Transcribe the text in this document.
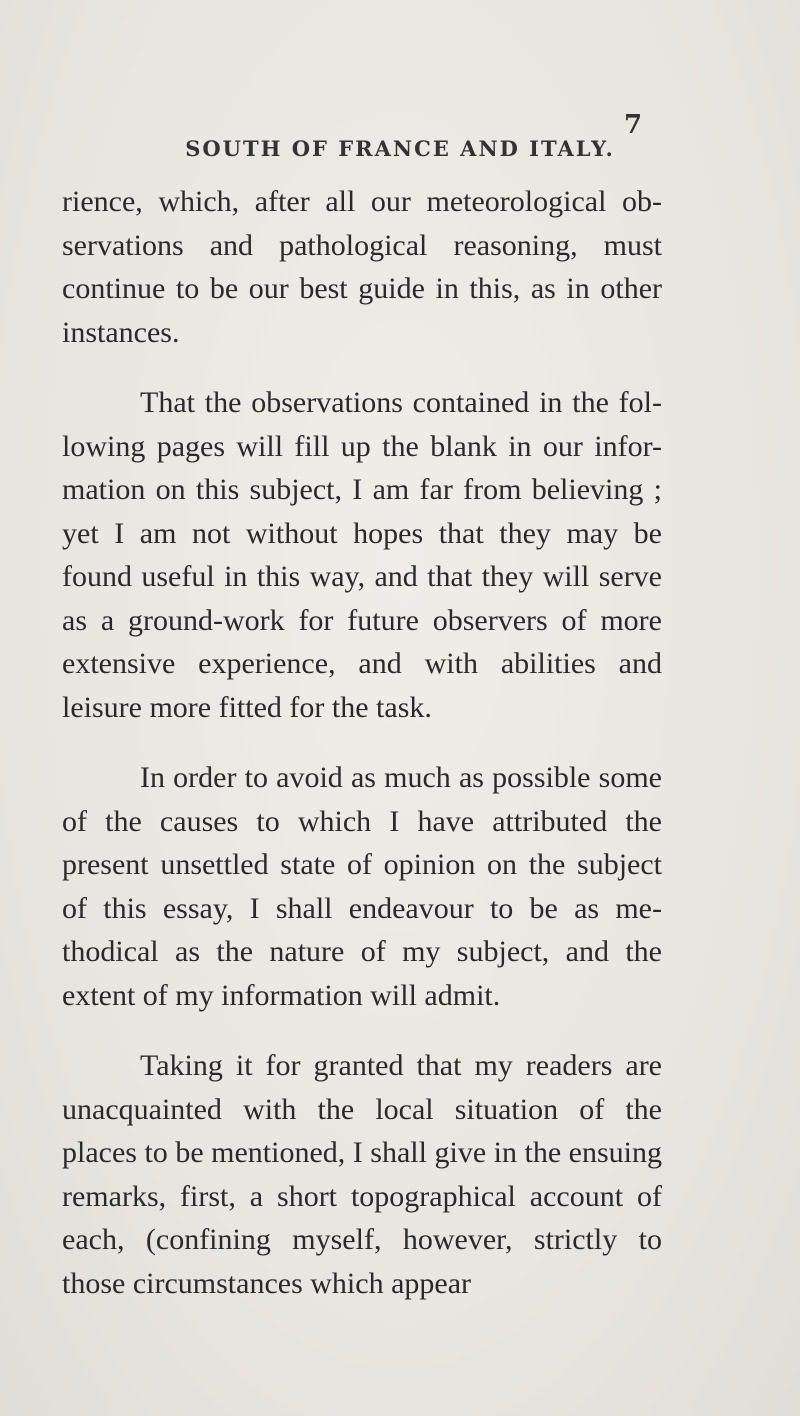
SOUTH OF FRANCE AND ITALY.
7

rience, which, after all our meteorological ob- servations and pathological reasoning, must continue to be our best guide in this, as in other instances.

That the observations contained in the fol- lowing pages will fill up the blank in our infor- mation on this subject, I am far from believing ; yet I am not without hopes that they may be found useful in this way, and that they will serve as a ground-work for future observers of more extensive experience, and with abilities and leisure more fitted for the task.

In order to avoid as much as possible some of the causes to which I have attributed the present unsettled state of opinion on the subject of this essay, I shall endeavour to be as me- thodical as the nature of my subject, and the extent of my information will admit.

Taking it for granted that my readers are unacquainted with the local situation of the places to be mentioned, I shall give in the ensuing remarks, first, a short topographical account of each, (confining myself, however, strictly to those circumstances which appear
